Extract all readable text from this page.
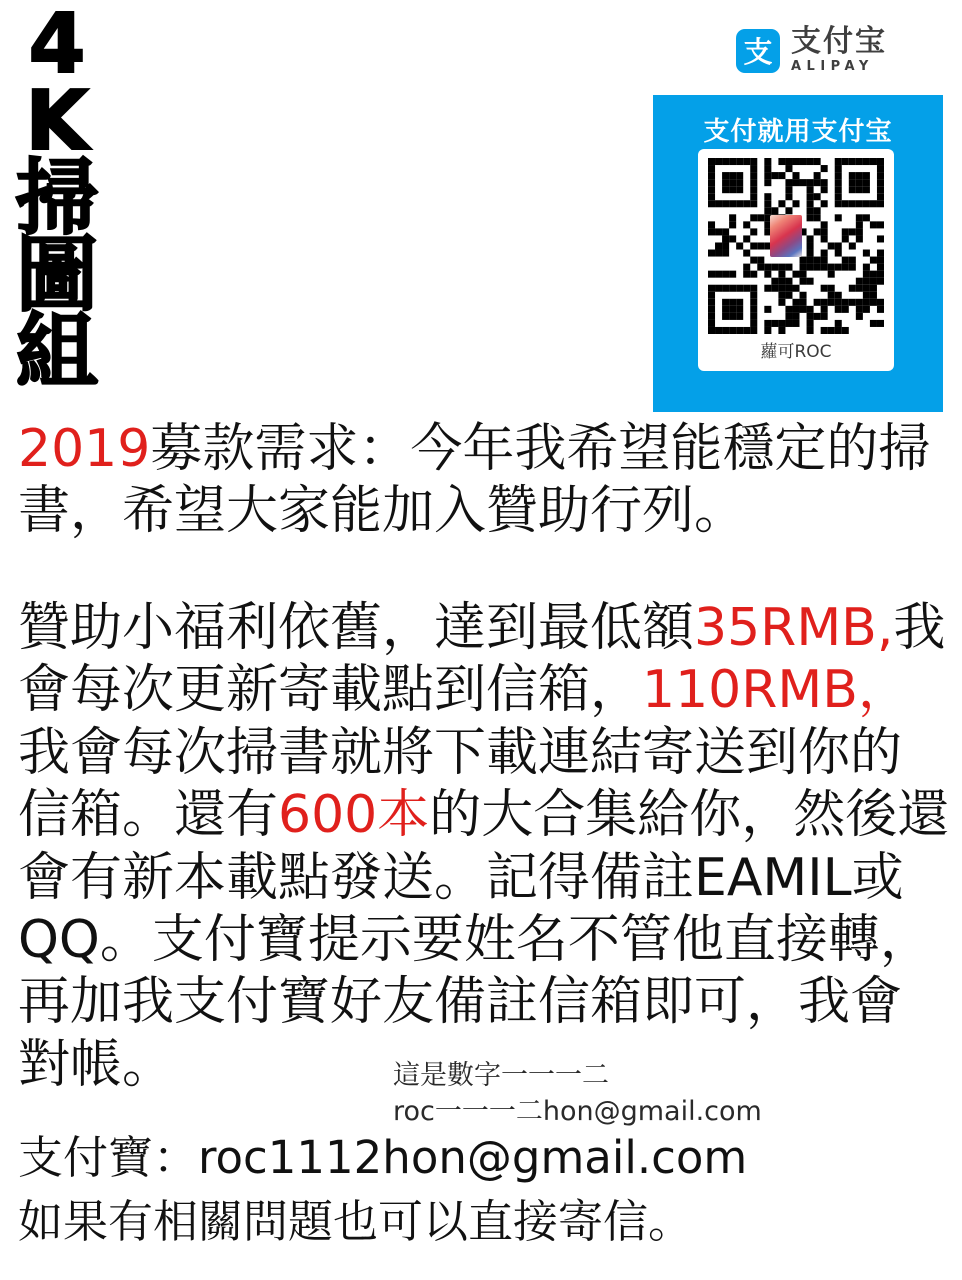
4
K
掃
圖
組
支 支付宝
ALIPAY
支付就用支付宝
蘿可ROC
2019募款需求：今年我希望能穩定的掃書，希望大家能加入贊助行列。
贊助小福利依舊，達到最低額35RMB,我會每次更新寄載點到信箱，110RMB，我會每次掃書就將下載連結寄送到你的信箱。還有600本的大合集給你，然後還會有新本載點發送。記得備註EAMIL或QQ。支付寶提示要姓名不管他直接轉，再加我支付寶好友備註信箱即可，我會對帳。	這是數字一一一二
roc一一一二hon@gmail.com
支付寶：roc1112hon@gmail.com
如果有相關問題也可以直接寄信。
